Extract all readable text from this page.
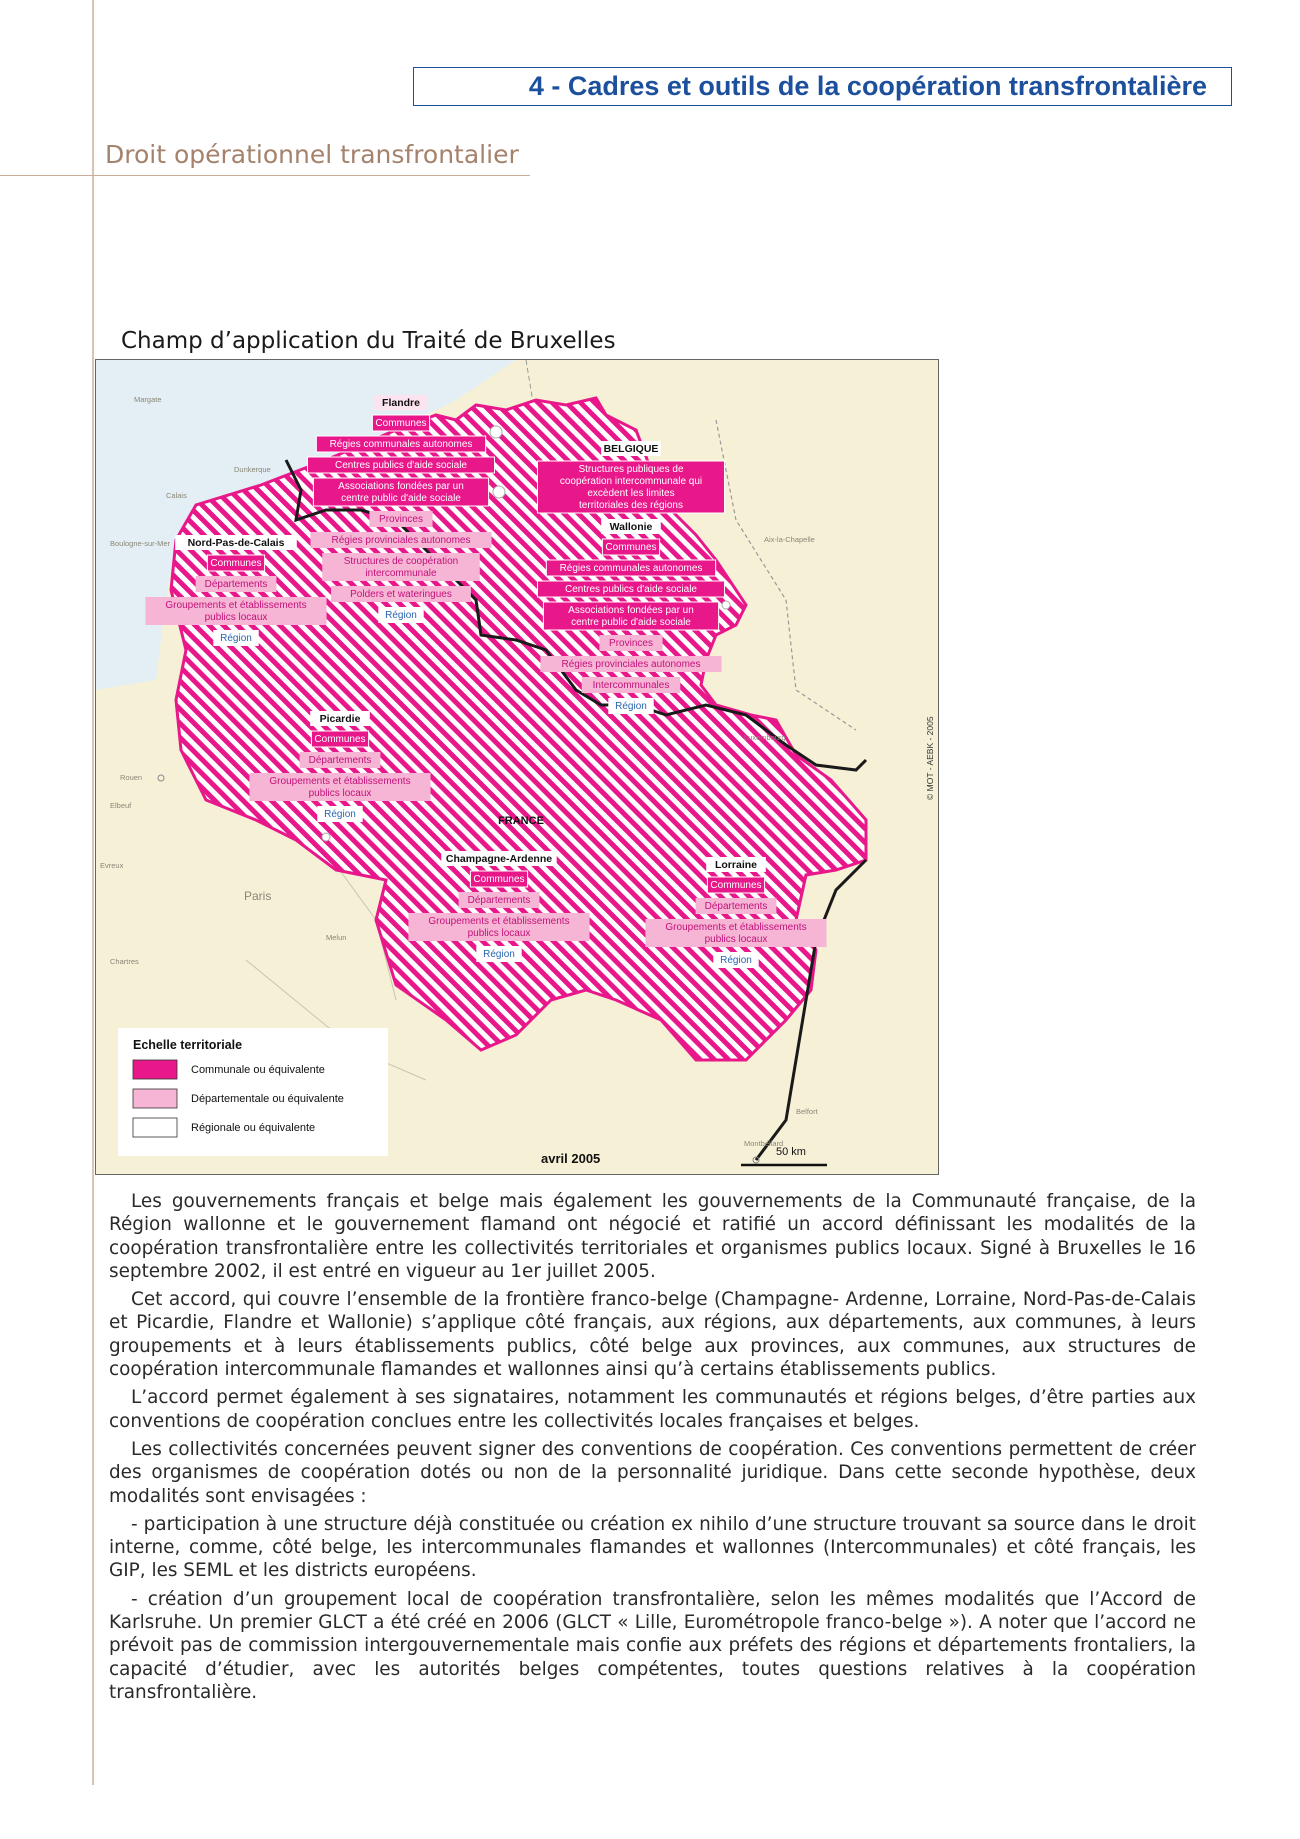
4 - Cadres et outils de la coopération transfrontalière
Droit opérationnel transfrontalier
Champ d’application du Traité de Bruxelles
Margate
Dunkerque
Calais
Boulogne-sur-Mer	Aix-la-Chapelle
Luxembourg
Rouen
Elbeuf
Evreux
Paris
Melun
Chartres
Montbéliard
Belfort
FRANCE
Flandre
Communes
Régies communales autonomes
Centres publics d'aide sociale
Associations fondées par un centre public d'aide sociale
Provinces
Régies provinciales autonomes
Structures de coopération intercommunale
Polders et wateringues
Région
BELGIQUE
Structures publiques de coopération intercommunale qui excèdent les limites territoriales des régions
Nord-Pas-de-Calais
Communes
Départements
Groupements et établissements publics locaux
Région
Wallonie
Communes
Régies communales autonomes
Centres publics d'aide sociale
Associations fondées par un centre public d'aide sociale
Provinces
Régies provinciales autonomes
Intercommunales
Région
Picardie
Communes
Départements
Groupements et établissements publics locaux
Région
Champagne-Ardenne
Communes
Départements
Groupements et établissements publics locaux
Région
Lorraine
Communes
Départements
Groupements et établissements publics locaux
Région
Echelle territoriale
Communale ou équivalente
Départementale ou équivalente
Régionale ou équivalente
avril 2005	50 km
© MOT - AEBK - 2005

Les gouvernements français et belge mais également les gouvernements de la Communauté française, de la Région wallonne et le gouvernement flamand ont négocié et ratifié un accord définissant les modalités de la coopération transfrontalière entre les collectivités territoriales et organismes publics locaux. Signé à Bruxelles le 16 septembre 2002, il est entré en vigueur au 1er juillet 2005.

Cet accord, qui couvre l’ensemble de la frontière franco-belge (Champagne- Ardenne, Lorraine, Nord-Pas-de-Calais et Picardie, Flandre et Wallonie) s’applique côté français, aux régions, aux départements, aux communes, à leurs groupements et à leurs établissements publics, côté belge aux provinces, aux communes, aux structures de coopération intercommunale flamandes et wallonnes ainsi qu’à certains établissements publics.

L’accord permet également à ses signataires, notamment les communautés et régions belges, d’être parties aux conventions de coopération conclues entre les collectivités locales françaises et belges.

Les collectivités concernées peuvent signer des conventions de coopération. Ces conventions permettent de créer des organismes de coopération dotés ou non de la personnalité juridique. Dans cette seconde hypothèse, deux modalités sont envisagées :

- participation à une structure déjà constituée ou création ex nihilo d’une structure trouvant sa source dans le droit interne, comme, côté belge, les intercommunales flamandes et wallonnes (Intercommunales) et côté français, les GIP, les SEML et les districts européens.

- création d’un groupement local de coopération transfrontalière, selon les mêmes modalités que l’Accord de Karlsruhe. Un premier GLCT a été créé en 2006 (GLCT « Lille, Eurométropole franco-belge »). A noter que l’accord ne prévoit pas de commission intergouvernementale mais confie aux préfets des régions et départements frontaliers, la capacité d’étudier, avec les autorités belges compétentes, toutes questions relatives à la coopération transfrontalière.
